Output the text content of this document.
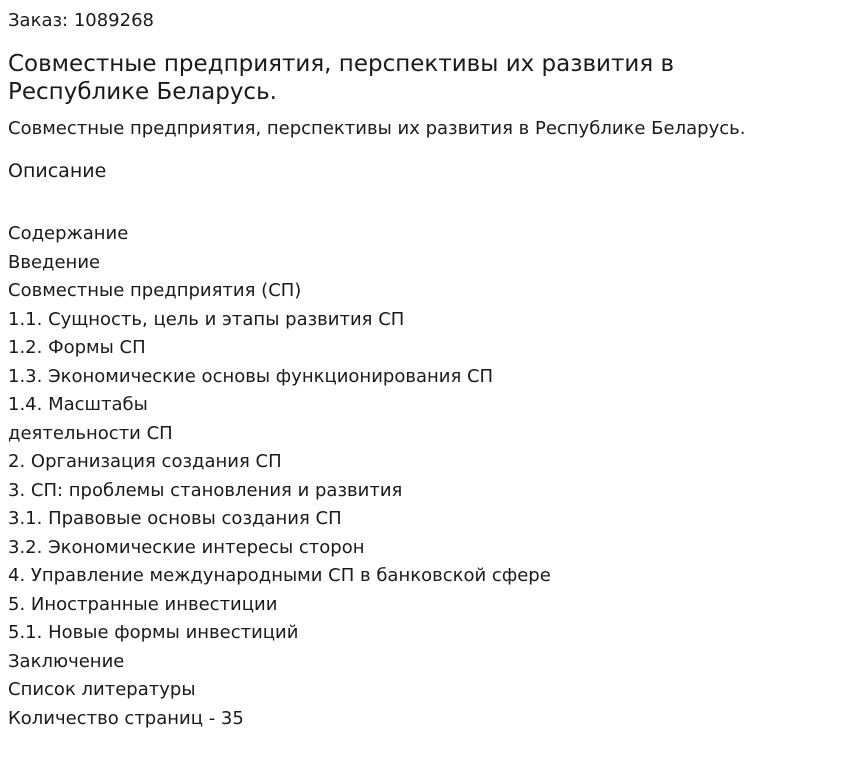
Заказ: 1089268

Совместные предприятия, перспективы их развития в Республике Беларусь.

Совместные предприятия, перспективы их развития в Республике Беларусь.

Описание

Содержание
Введение
Совместные предприятия (СП)
1.1. Сущность, цель и этапы развития СП
1.2. Формы СП
1.3. Экономические основы функционирования СП
1.4. Масштабы
деятельности СП
2. Организация создания СП
3. СП: проблемы становления и развития
3.1. Правовые основы создания СП
3.2. Экономические интересы сторон
4. Управление международными СП в банковской сфере
5. Иностранные инвестиции
5.1. Новые формы инвестиций
Заключение
Список литературы
Количество страниц - 35
